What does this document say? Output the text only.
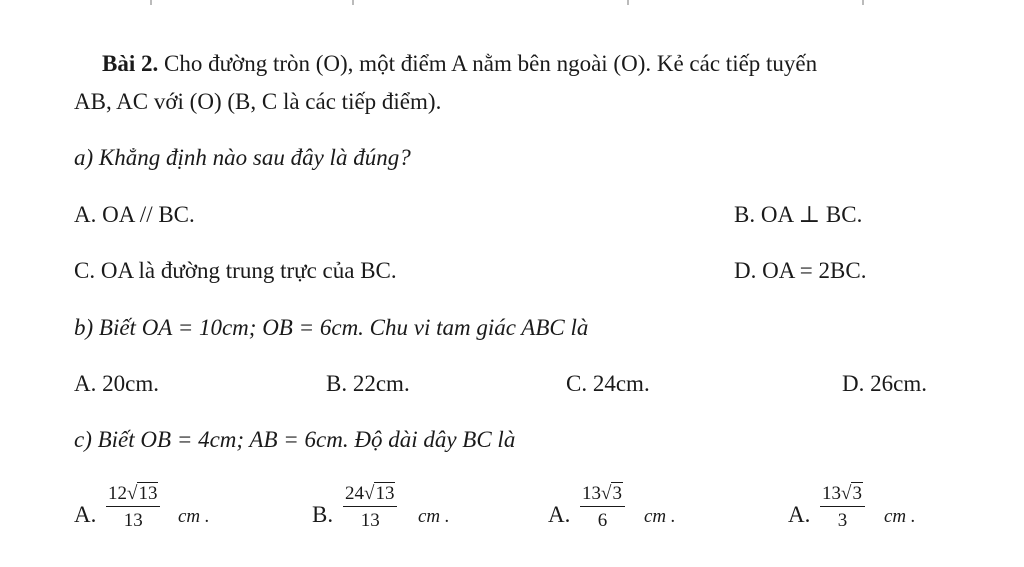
Bài 2. Cho đường tròn (O), một điểm A nằm bên ngoài (O). Kẻ các tiếp tuyến
AB, AC với (O) (B, C là các tiếp điểm).
a) Khẳng định nào sau đây là đúng?
A. OA // BC.	B. OA ⊥ BC.
C. OA là đường trung trực của BC.	D. OA = 2BC.
b) Biết OA = 10cm; OB = 6cm. Chu vi tam giác ABC là
A. 20cm.	B. 22cm.	C. 24cm.	D. 26cm.
c) Biết OB = 4cm; AB = 6cm. Độ dài dây BC là
A. $\frac{12√13}{13}$ cm .	B. $\frac{24√13}{13}$ cm .	A. $\frac{13√3}{6}$ cm .	A. $\frac{13√3}{3}$ cm .
